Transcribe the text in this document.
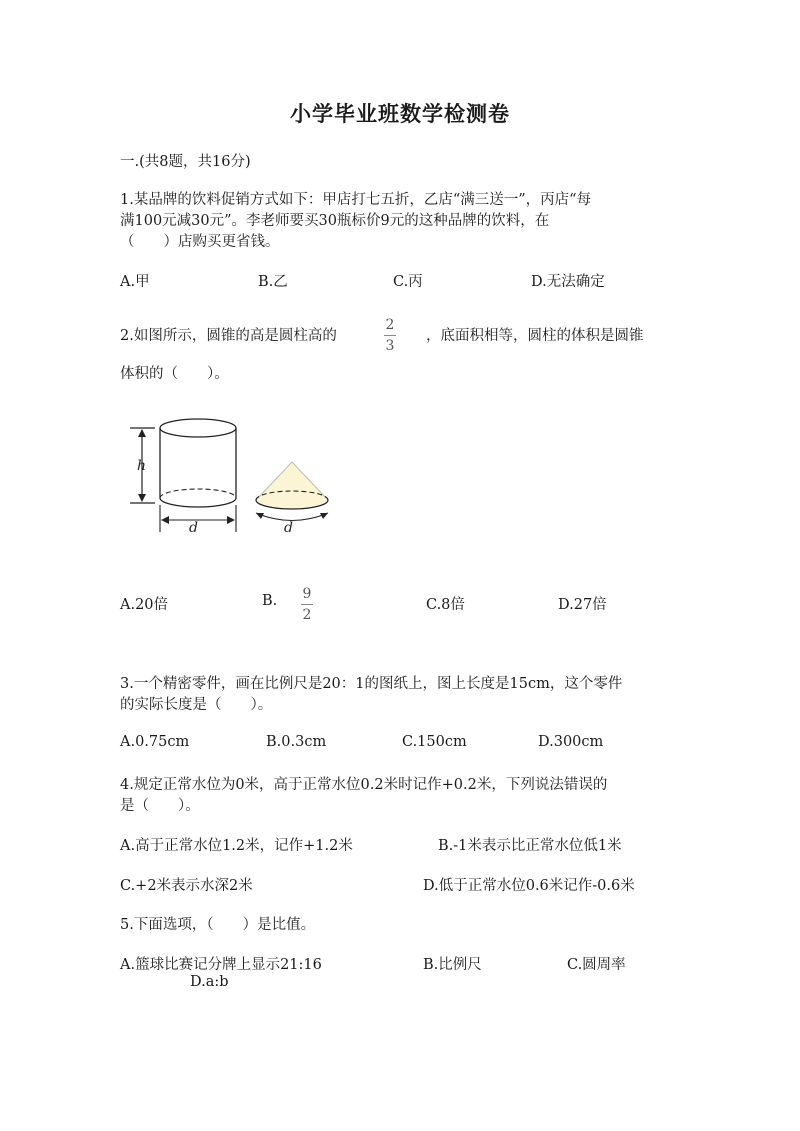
小学毕业班数学检测卷
一.(共8题，共16分)
1.某品牌的饮料促销方式如下：甲店打七五折，乙店“满三送一”，丙店“每
满100元减30元”。李老师要买30瓶标价9元的这种品牌的饮料，在
（　　）店购买更省钱。
A.甲	B.乙	C.丙	D.无法确定
2.如图所示，圆锥的高是圆柱高的	$\frac{2}{3}$ ，底面积相等，圆柱的体积是圆锥
体积的（　　）。
h
d	d
A.20倍	B. $\frac{9}{2}$	C.8倍	D.27倍
3.一个精密零件，画在比例尺是20：1的图纸上，图上长度是15cm，这个零件
的实际长度是（　　）。
A.0.75cm	B.0.3cm	C.150cm	D.300cm
4.规定正常水位为0米，高于正常水位0.2米时记作+0.2米，下列说法错误的
是（　　）。
A.高于正常水位1.2米，记作+1.2米	B.-1米表示比正常水位低1米
C.+2米表示水深2米	D.低于正常水位0.6米记作-0.6米
5.下面选项，（　　）是比值。
A.篮球比赛记分牌上显示21:16	B.比例尺	C.圆周率
D.a:b
